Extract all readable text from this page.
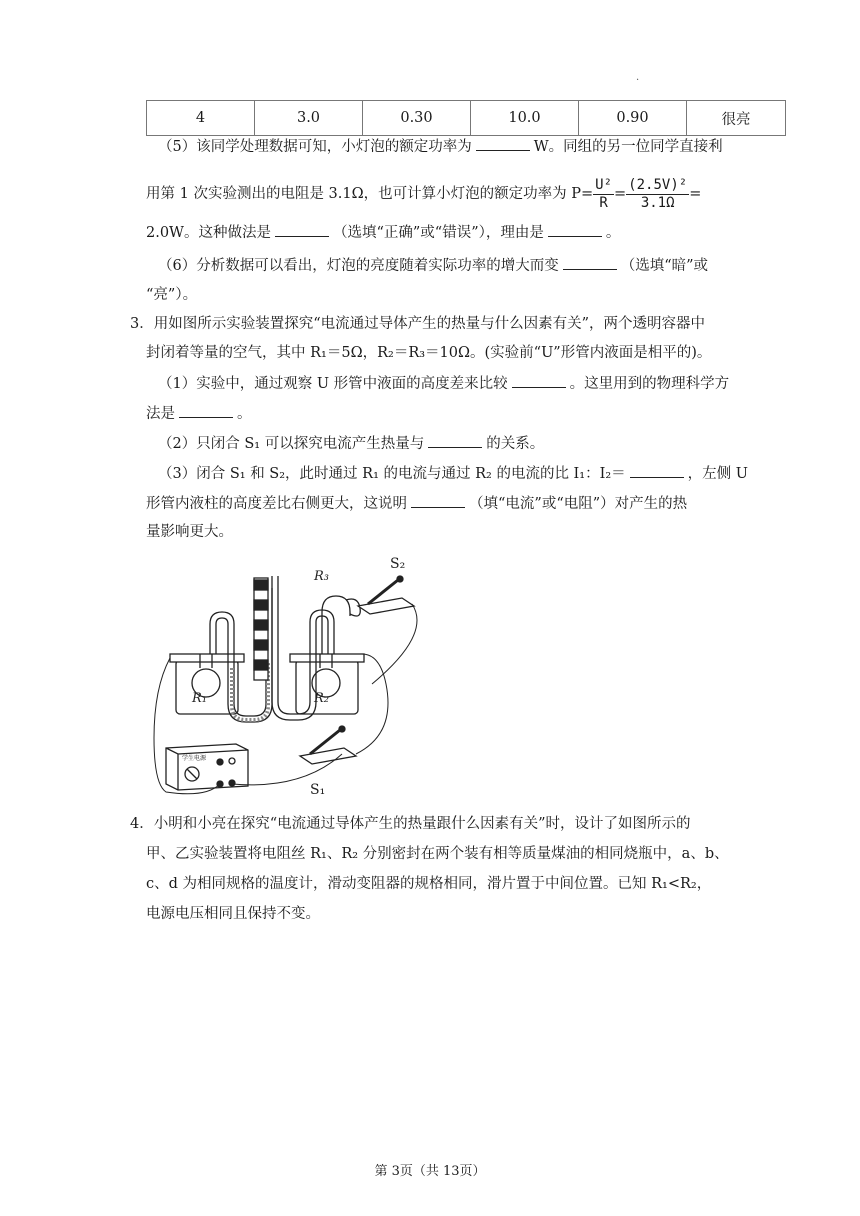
.
4	3.0	0.30	10.0	0.90	很亮
（5）该同学处理数据可知，小灯泡的额定功率为	W。同组的另一位同学直接利
用第 1 次实验测出的电阻是 3.1Ω，也可计算小灯泡的额定功率为 $P= \frac{\text{U²}}{R} = \frac{\text{(2.5V)²}}{3.1\Omega}$ =
2.0W。这种做法是	（选填“正确”或“错误”），理由是	。
（6）分析数据可以看出，灯泡的亮度随着实际功率的增大而变	（选填“暗”或
“亮”）。
3．用如图所示实验装置探究“电流通过导体产生的热量与什么因素有关”，两个透明容器中
封闭着等量的空气，其中 R₁＝5Ω，R₂＝R₃＝10Ω。(实验前“U”形管内液面是相平的)。
（1）实验中，通过观察 U 形管中液面的高度差来比较	。这里用到的物理科学方
法是	。
（2）只闭合 S₁ 可以探究电流产生热量与	的关系。
（3）闭合 S₁ 和 S₂，此时通过 R₁ 的电流与通过 R₂ 的电流的比 I₁：I₂＝	，左侧 U
形管内液柱的高度差比右侧更大，这说明	（填“电流”或“电阻”）对产生的热
量影响更大。
R₃
S₂
S₁
学生电源
R₁	R₂
4．小明和小亮在探究“电流通过导体产生的热量跟什么因素有关”时，设计了如图所示的
甲、乙实验装置将电阻丝 R₁、R₂ 分别密封在两个装有相等质量煤油的相同烧瓶中，a、b、
c、d 为相同规格的温度计，滑动变阻器的规格相同，滑片置于中间位置。已知 R₁<R₂，
电源电压相同且保持不变。
第 3页（共 13页）
